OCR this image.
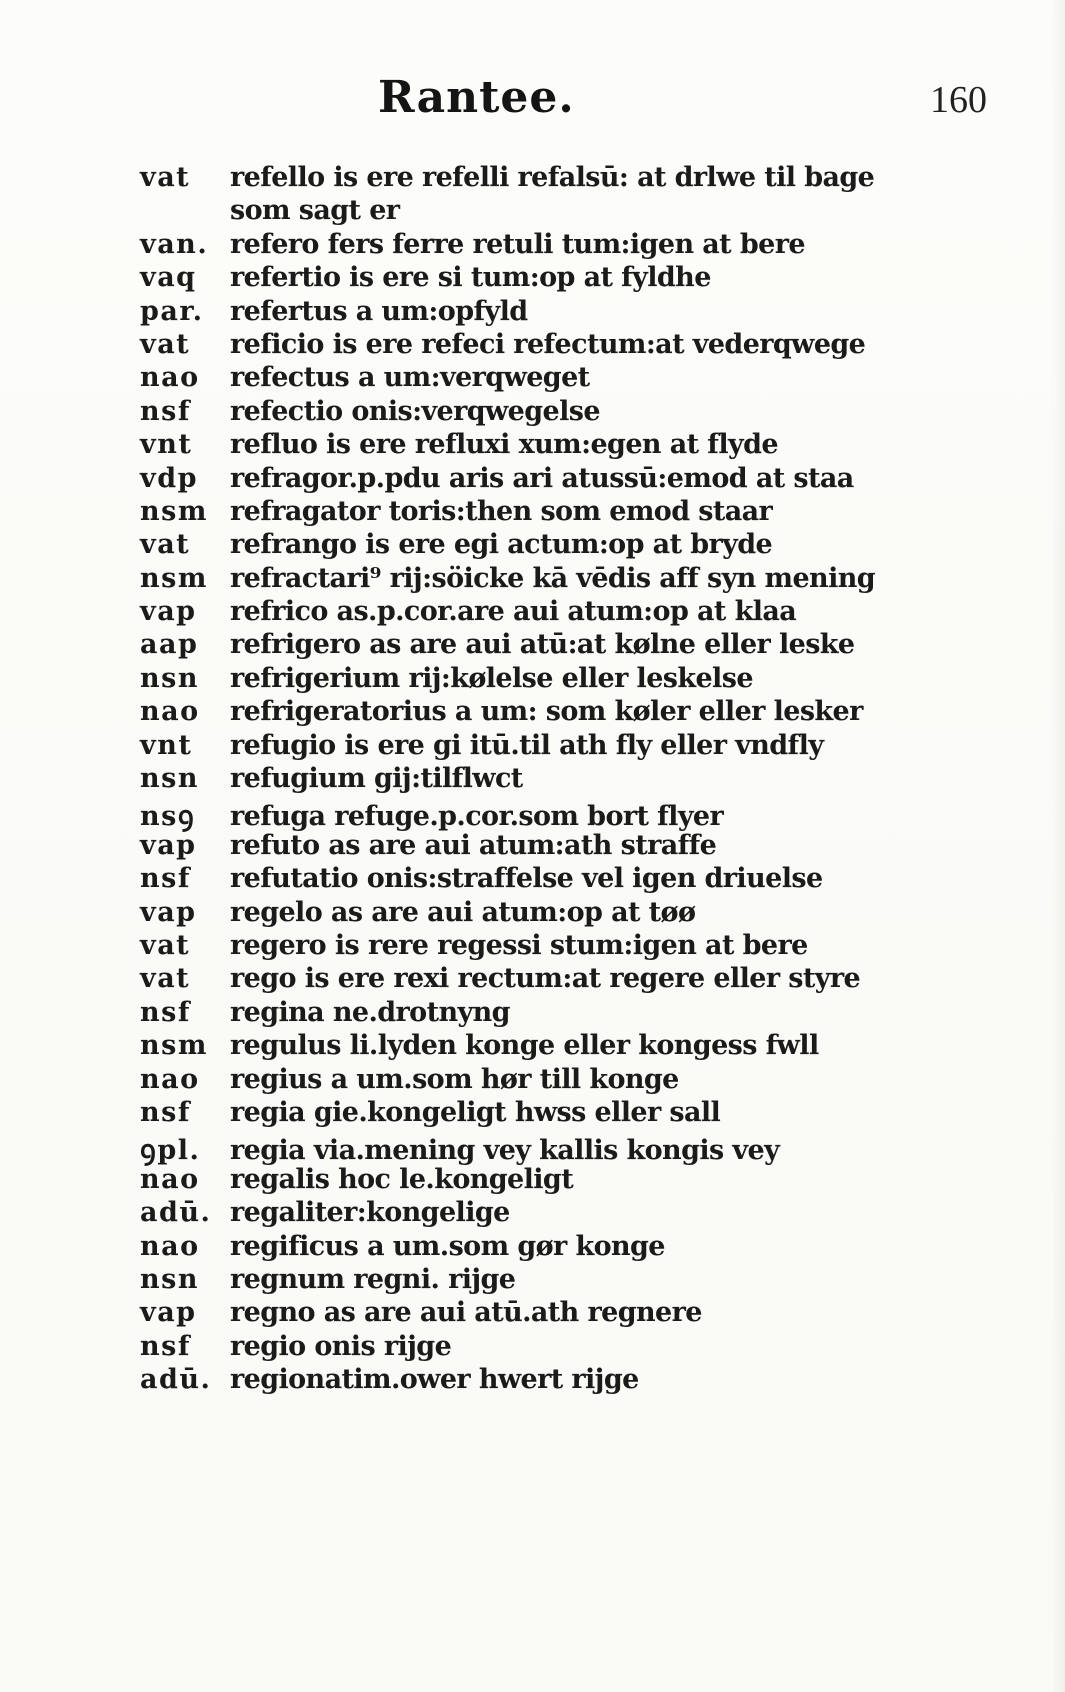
Rantee.	160
vat	refello is ere refelli refalsū: at drlwe til bage
som sagt er
van. refero fers ferre retuli tum:igen at bere
vaq	refertio is ere si tum:op at fyldhe
par. refertus a um:opfyld
vat	reficio is ere refeci refectum:at vederqwege
nao	refectus a um:verqweget
nsf	refectio onis:verqwegelse
vnt	refluo is ere refluxi xum:egen at flyde
vdp	refragor.p.pdu aris ari atussū:emod at staa
nsm refragator toris:then som emod staar
vat	refrango is ere egi actum:op at bryde
nsm refractari⁹ rij:söicke kā vēdis aff syn mening
vap	refrico as.p.cor.are aui atum:op at klaa
aap	refrigero as are aui atū:at kølne eller leske
nsn	refrigerium rij:kølelse eller leskelse
nao	refrigeratorius a um: som køler eller lesker
vnt	refugio is ere gi itū.til ath fly eller vndfly
nsn	refugium gij:tilflwct
nsꝯ	refuga refuge.p.cor.som bort flyer
vap	refuto as are aui atum:ath straffe
nsf	refutatio onis:straffelse vel igen driuelse
vap	regelo as are aui atum:op at tøø
vat	regero is rere regessi stum:igen at bere
vat	rego is ere rexi rectum:at regere eller styre
nsf	regina ne.drotnyng
nsm regulus li.lyden konge eller kongess fwll
nao	regius a um.som hør till konge
nsf	regia gie.kongeligt hwss eller sall
ꝯpl.	regia via.mening vey kallis kongis vey
nao	regalis hoc le.kongeligt
adū. regaliter:kongelige
nao	regificus a um.som gør konge
nsn	regnum regni. rijge
vap	regno as are aui atū.ath regnere
nsf	regio onis rijge
adū. regionatim.ower hwert rijge
